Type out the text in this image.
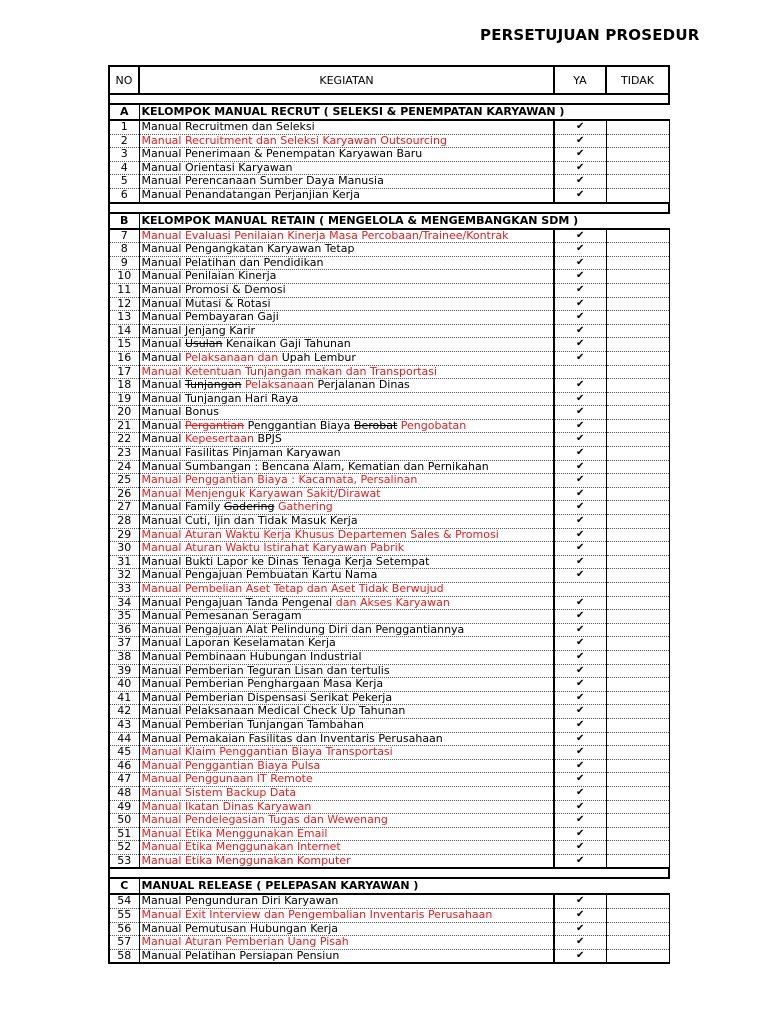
PERSETUJUAN PROSEDUR
NO	KEGIATAN	YA	TIDAK

A	KELOMPOK MANUAL RECRUT ( SELEKSI & PENEMPATAN KARYAWAN )		
1	Manual Recruitmen dan Seleksi	✔	
2	Manual Recruitment dan Seleksi Karyawan Outsourcing	✔	
3	Manual Penerimaan & Penempatan Karyawan Baru	✔	
4	Manual Orientasi Karyawan	✔	
5	Manual Perencanaan Sumber Daya Manusia	✔	
6	Manual Penandatangan Perjanjian Kerja	✔	

B	KELOMPOK MANUAL RETAIN ( MENGELOLA & MENGEMBANGKAN SDM )		
7	Manual Evaluasi Penilaian Kinerja Masa Percobaan/Trainee/Kontrak	✔	
8	Manual Pengangkatan Karyawan Tetap	✔	
9	Manual Pelatihan dan Pendidikan	✔	
10	Manual Penilaian Kinerja	✔	
11	Manual Promosi & Demosi	✔	
12	Manual Mutasi & Rotasi	✔	
13	Manual Pembayaran Gaji	✔	
14	Manual Jenjang Karir	✔	
15	Manual Usulan Kenaikan Gaji Tahunan	✔	
16	Manual Pelaksanaan dan Upah Lembur	✔	
17	Manual Ketentuan Tunjangan makan dan Transportasi		
18	Manual Tunjangan Pelaksanaan Perjalanan Dinas	✔	
19	Manual Tunjangan Hari Raya	✔	
20	Manual Bonus	✔	
21	Manual Pergantian Penggantian Biaya Berobat Pengobatan	✔	
22	Manual Kepesertaan BPJS	✔	
23	Manual Fasilitas Pinjaman Karyawan	✔	
24	Manual Sumbangan : Bencana Alam, Kematian dan Pernikahan	✔	
25	Manual Penggantian Biaya : Kacamata, Persalinan	✔	
26	Manual Menjenguk Karyawan Sakit/Dirawat	✔	
27	Manual Family Gadering Gathering	✔	
28	Manual Cuti, Ijin dan Tidak Masuk Kerja	✔	
29	Manual Aturan Waktu Kerja Khusus Departemen Sales & Promosi	✔	
30	Manual Aturan Waktu Istirahat Karyawan Pabrik	✔	
31	Manual Bukti Lapor ke Dinas Tenaga Kerja Setempat	✔	
32	Manual Pengajuan Pembuatan Kartu Nama	✔	
33	Manual Pembelian Aset Tetap dan Aset Tidak Berwujud		
34	Manual Pengajuan Tanda Pengenal dan Akses Karyawan	✔	
35	Manual Pemesanan Seragam	✔	
36	Manual Pengajuan Alat Pelindung Diri dan Penggantiannya	✔	
37	Manual Laporan Keselamatan Kerja	✔	
38	Manual Pembinaan Hubungan Industrial	✔	
39	Manual Pemberian Teguran Lisan dan tertulis	✔	
40	Manual Pemberian Penghargaan Masa Kerja	✔	
41	Manual Pemberian Dispensasi Serikat Pekerja	✔	
42	Manual Pelaksanaan Medical Check Up Tahunan	✔	
43	Manual Pemberian Tunjangan Tambahan	✔	
44	Manual Pemakaian Fasilitas dan Inventaris Perusahaan	✔	
45	Manual Klaim Penggantian Biaya Transportasi	✔	
46	Manual Penggantian Biaya Pulsa	✔	
47	Manual Penggunaan IT Remote	✔	
48	Manual Sistem Backup Data	✔	
49	Manual Ikatan Dinas Karyawan	✔	
50	Manual Pendelegasian Tugas dan Wewenang	✔	
51	Manual Etika Menggunakan Email	✔	
52	Manual Etika Menggunakan Internet	✔	
53	Manual Etika Menggunakan Komputer	✔	

C	MANUAL RELEASE ( PELEPASAN KARYAWAN )		
54	Manual Pengunduran Diri Karyawan	✔	
55	Manual Exit Interview dan Pengembalian Inventaris Perusahaan	✔	
56	Manual Pemutusan Hubungan Kerja	✔	
57	Manual Aturan Pemberian Uang Pisah	✔	
58	Manual Pelatihan Persiapan Pensiun	✔	
